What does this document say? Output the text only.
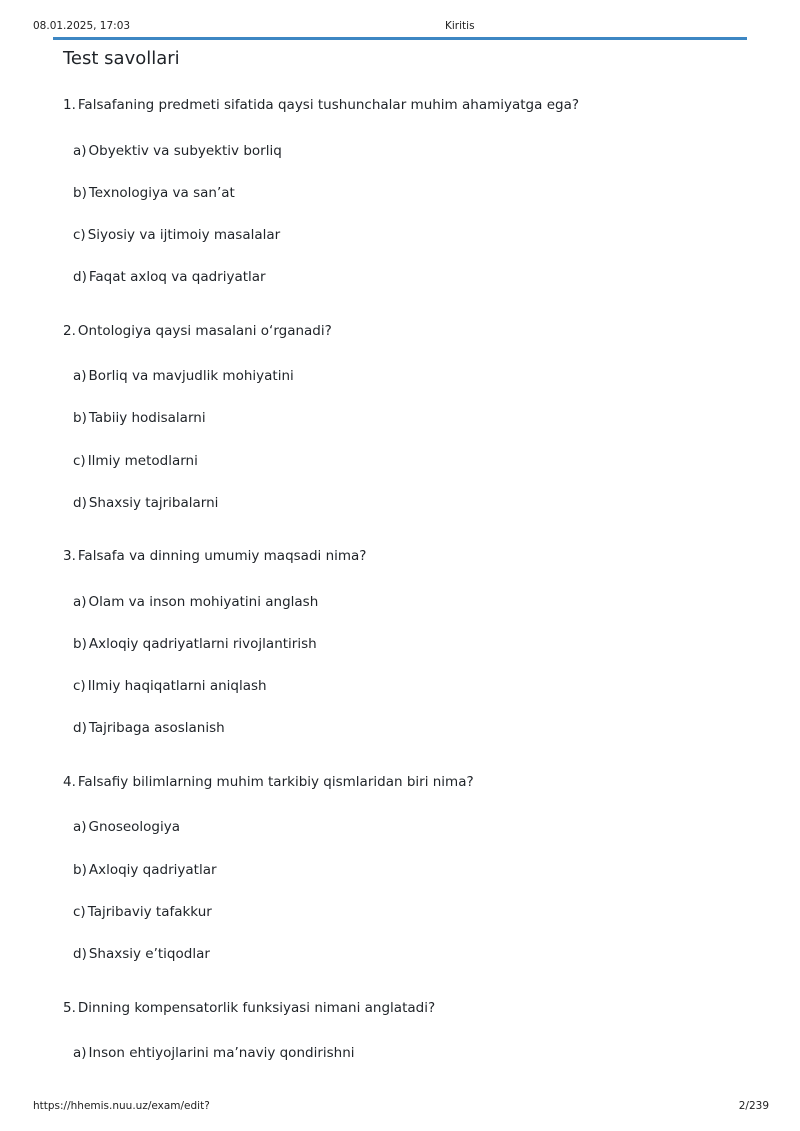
08.01.2025, 17:03	Kiritis
Test savollari
1. Falsafaning predmeti sifatida qaysi tushunchalar muhim ahamiyatga ega?
a) Obyektiv va subyektiv borliq
b) Texnologiya va san’at
c) Siyosiy va ijtimoiy masalalar
d) Faqat axloq va qadriyatlar
2. Ontologiya qaysi masalani o‘rganadi?
a) Borliq va mavjudlik mohiyatini
b) Tabiiy hodisalarni
c) Ilmiy metodlarni
d) Shaxsiy tajribalarni
3. Falsafa va dinning umumiy maqsadi nima?
a) Olam va inson mohiyatini anglash
b) Axloqiy qadriyatlarni rivojlantirish
c) Ilmiy haqiqatlarni aniqlash
d) Tajribaga asoslanish
4. Falsafiy bilimlarning muhim tarkibiy qismlaridan biri nima?
a) Gnoseologiya
b) Axloqiy qadriyatlar
c) Tajribaviy tafakkur
d) Shaxsiy e’tiqodlar
5. Dinning kompensatorlik funksiyasi nimani anglatadi?
a) Inson ehtiyojlarini ma’naviy qondirishni
https://hhemis.nuu.uz/exam/edit?	2/239
